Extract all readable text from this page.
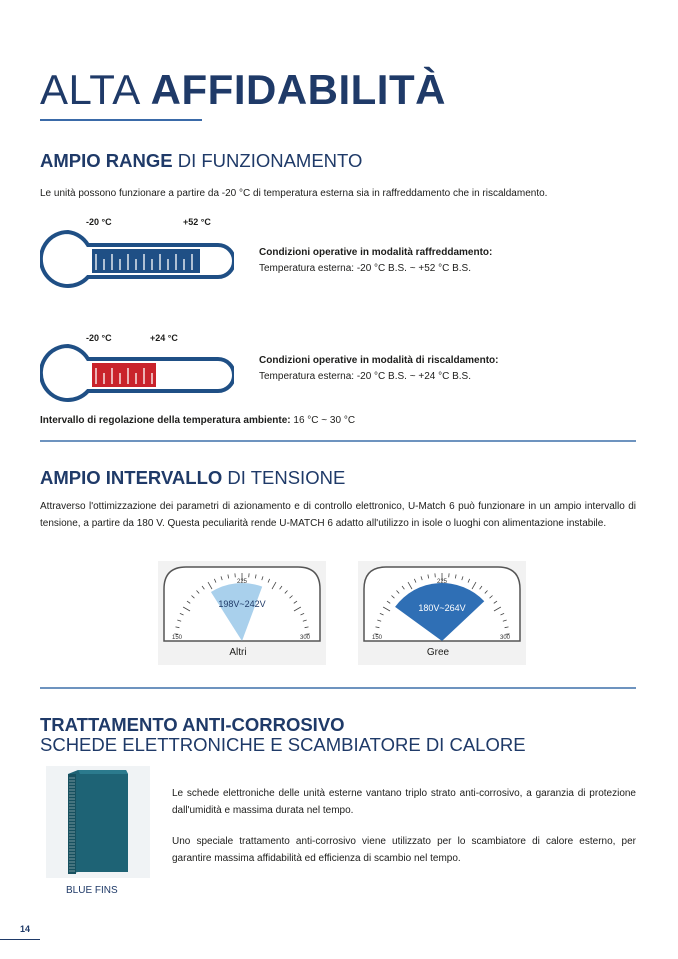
ALTA AFFIDABILITÀ
AMPIO RANGE DI FUNZIONAMENTO
Le unità possono funzionare a partire da -20 °C di temperatura esterna sia in raffreddamento che in riscaldamento.
-20 °C	+52 °C
Condizioni operative in modalità raffreddamento:
Temperatura esterna: -20 °C B.S. ~ +52 °C B.S.
-20 °C	+24 °C
Condizioni operative in modalità di riscaldamento:
Temperatura esterna: -20 °C B.S. ~ +24 °C B.S.
Intervallo di regolazione della temperatura ambiente: 16 °C ~ 30 °C
AMPIO INTERVALLO DI TENSIONE
Attraverso l'ottimizzazione dei parametri di azionamento e di controllo elettronico, U-Match 6 può funzionare in un ampio intervallo di tensione, a partire da 180 V. Questa peculiarità rende U-MATCH 6 adatto all'utilizzo in isole o luoghi con alimentazione instabile.
225
150	300
198V~242V
Altri
225
150	300
180V~264V
Gree
TRATTAMENTO ANTI-CORROSIVO
SCHEDE ELETTRONICHE E SCAMBIATORE DI CALORE
BLUE FINS
Le schede elettroniche delle unità esterne vantano triplo strato anti-corrosivo, a garanzia di protezione dall'umidità e massima durata nel tempo.
Uno speciale trattamento anti-corrosivo viene utilizzato per lo scambiatore di calore esterno, per garantire massima affidabilità ed efficienza di scambio nel tempo.
14
